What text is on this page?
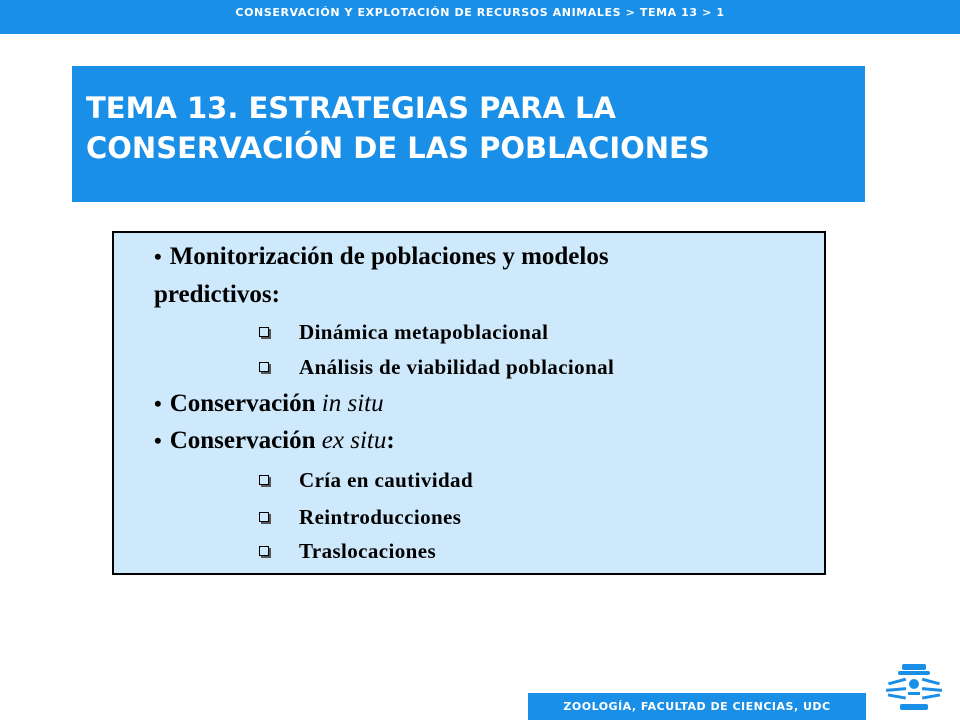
CONSERVACIÓN Y EXPLOTACIÓN DE RECURSOS ANIMALES > TEMA 13 > 1
TEMA 13. ESTRATEGIAS PARA LA
CONSERVACIÓN DE LAS POBLACIONES
• Monitorización de poblaciones y modelos
predictivos:
Dinámica metapoblacional
Análisis de viabilidad poblacional
• Conservación in situ
• Conservación ex situ:
Cría en cautividad
Reintroducciones
Traslocaciones
ZOOLOGÍA, FACULTAD DE CIENCIAS, UDC
